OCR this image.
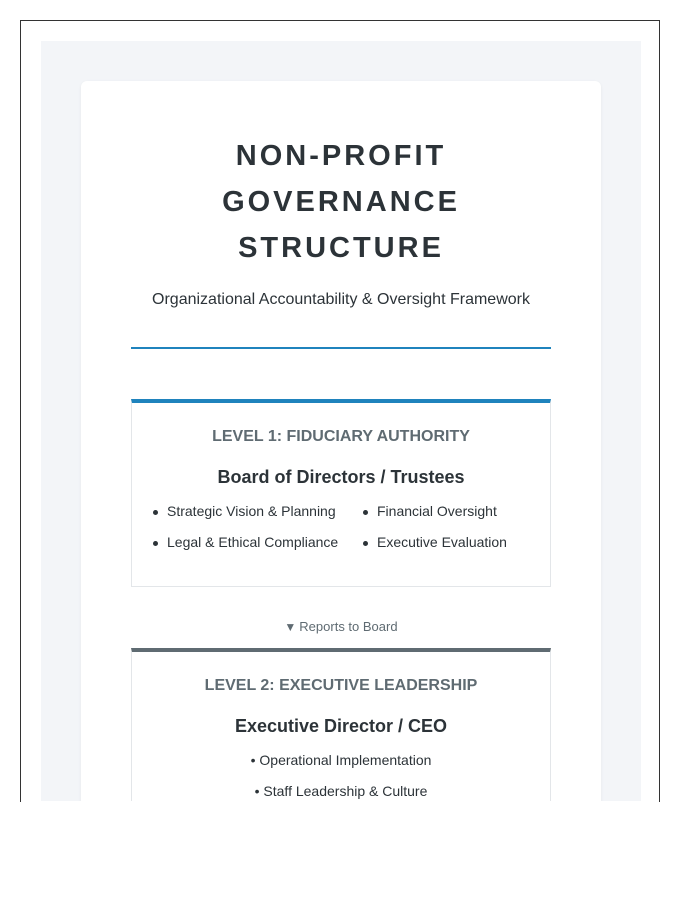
NON-PROFIT
GOVERNANCE
STRUCTURE
Organizational Accountability & Oversight Framework
LEVEL 1: FIDUCIARY AUTHORITY
Board of Directors / Trustees
Strategic Vision & Planning	Financial Oversight
Legal & Ethical Compliance	Executive Evaluation
▼ Reports to Board
LEVEL 2: EXECUTIVE LEADERSHIP
Executive Director / CEO
• Operational Implementation
• Staff Leadership & Culture
